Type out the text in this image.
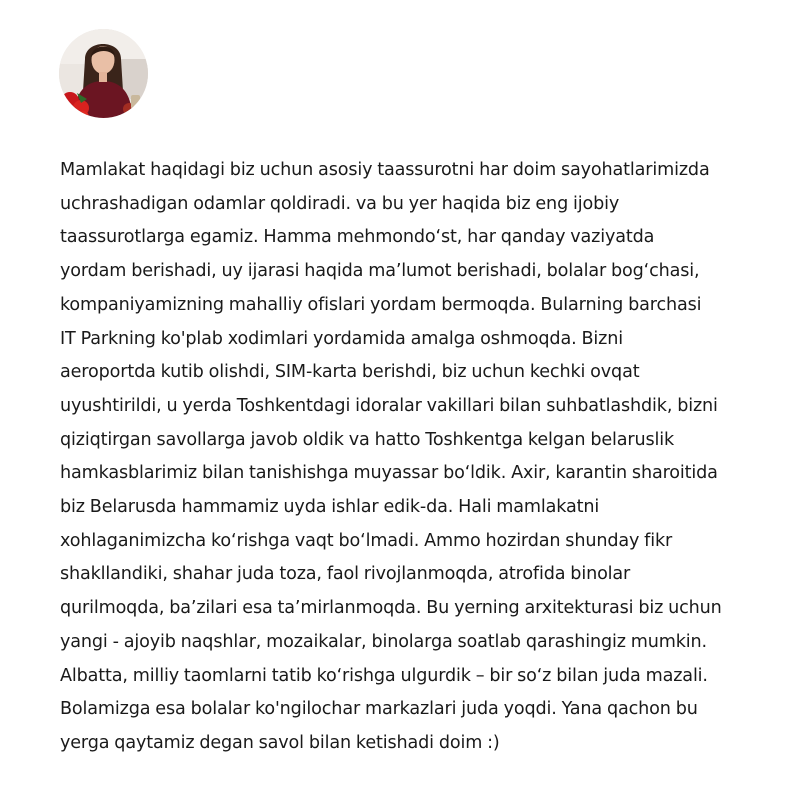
Mamlakat haqidagi biz uchun asosiy taassurotni har doim sayohatlarimizda
uchrashadigan odamlar qoldiradi. va bu yer haqida biz eng ijobiy
taassurotlarga egamiz. Hamma mehmondo‘st, har qanday vaziyatda
yordam berishadi, uy ijarasi haqida ma’lumot berishadi, bolalar bog‘chasi,
kompaniyamizning mahalliy ofislari yordam bermoqda. Bularning barchasi
IT Parkning ko'plab xodimlari yordamida amalga oshmoqda. Bizni
aeroportda kutib olishdi, SIM-karta berishdi, biz uchun kechki ovqat
uyushtirildi, u yerda Toshkentdagi idoralar vakillari bilan suhbatlashdik, bizni
qiziqtirgan savollarga javob oldik va hatto Toshkentga kelgan belaruslik
hamkasblarimiz bilan tanishishga muyassar bo‘ldik. Axir, karantin sharoitida
biz Belarusda hammamiz uyda ishlar edik-da. Hali mamlakatni
xohlaganimizcha ko‘rishga vaqt bo‘lmadi. Ammo hozirdan shunday fikr
shakllandiki, shahar juda toza, faol rivojlanmoqda, atrofida binolar
qurilmoqda, ba’zilari esa ta’mirlanmoqda. Bu yerning arxitekturasi biz uchun
yangi - ajoyib naqshlar, mozaikalar, binolarga soatlab qarashingiz mumkin.
Albatta, milliy taomlarni tatib ko‘rishga ulgurdik – bir so‘z bilan juda mazali.
Bolamizga esa bolalar ko'ngilochar markazlari juda yoqdi. Yana qachon bu
yerga qaytamiz degan savol bilan ketishadi doim :)
